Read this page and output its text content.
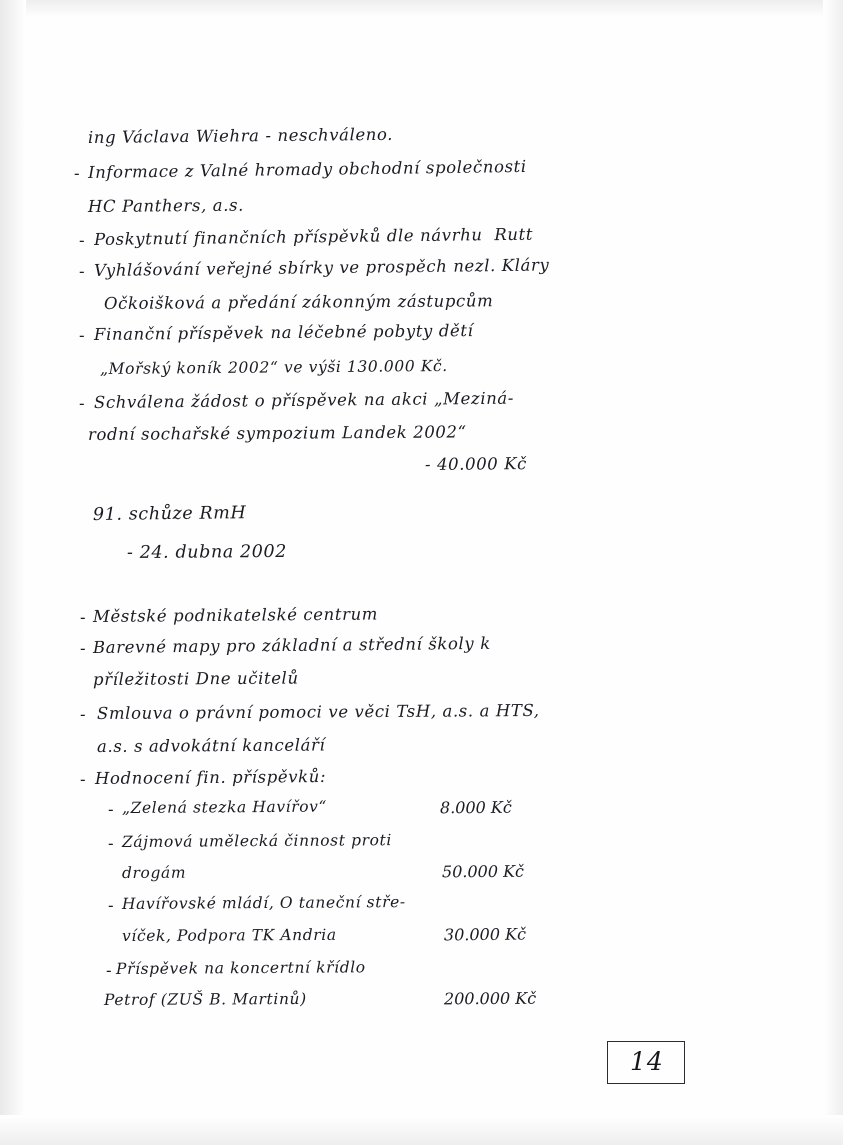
ing Václava Wiehra - neschváleno.
- Informace z Valné hromady obchodní společnosti
HC Panthers, a.s.
- Poskytnutí finančních příspěvků dle návrhu  Rutt
- Vyhlášování veřejné sbírky ve prospěch nezl. Kláry
Očkoišková a předání zákonným zástupcům
- Finanční příspěvek na léčebné pobyty dětí
„Mořský koník 2002“ ve výši 130.000 Kč.
- Schválena žádost o příspěvek na akci „Meziná-
rodní sochařské sympozium Landek 2002“
- 40.000 Kč
91. schůze RmH
- 24. dubna 2002
- Městské podnikatelské centrum
- Barevné mapy pro základní a střední školy k
příležitosti Dne učitelů
- Smlouva o právní pomoci ve věci TsH, a.s. a HTS,
a.s. s advokátní kanceláří
- Hodnocení fin. příspěvků:
- „Zelená stezka Havířov“	8.000 Kč
- Zájmová umělecká činnost proti
drogám	50.000 Kč
- Havířovské mládí, O taneční stře-
víček, Podpora TK Andria	30.000 Kč
- Příspěvek na koncertní křídlo
Petrof (ZUŠ B. Martinů)	200.000 Kč
14
